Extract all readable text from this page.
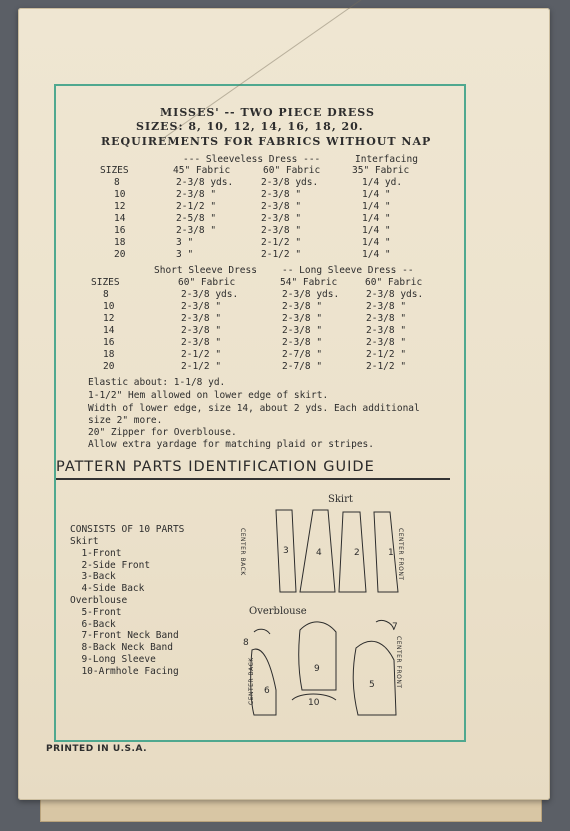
MISSES' -- TWO PIECE DRESS
SIZES: 8, 10, 12, 14, 16, 18, 20.
REQUIREMENTS FOR FABRICS WITHOUT NAP
--- Sleeveless Dress ---	Interfacing
SIZES	45" Fabric	60" Fabric	35" Fabric
8	2-3/8 yds.	2-3/8 yds.	1/4 yd.
10	2-3/8 "	2-3/8 "	1/4 "
12	2-1/2 "	2-3/8 "	1/4 "
14	2-5/8 "	2-3/8 "	1/4 "
16	2-3/8 "	2-3/8 "	1/4 "
18	3 "	2-1/2 "	1/4 "
20	3 "	2-1/2 "	1/4 "
Short Sleeve Dress	-- Long Sleeve Dress --
SIZES	60" Fabric	54" Fabric	60" Fabric
8	2-3/8 yds.	2-3/8 yds.	2-3/8 yds.
10	2-3/8 "	2-3/8 "	2-3/8 "
12	2-3/8 "	2-3/8 "	2-3/8 "
14	2-3/8 "	2-3/8 "	2-3/8 "
16	2-3/8 "	2-3/8 "	2-3/8 "
18	2-1/2 "	2-7/8 "	2-1/2 "
20	2-1/2 "	2-7/8 "	2-1/2 "
Elastic about: 1-1/8 yd.
1-1/2" Hem allowed on lower edge of skirt.
Width of lower edge, size 14, about 2 yds. Each additional
size 2" more.
20" Zipper for Overblouse.
Allow extra yardage for matching plaid or stripes.
PATTERN PARTS IDENTIFICATION GUIDE
CONSISTS OF 10 PARTS
Skirt
1-Front
2-Side Front
3-Back
4-Side Back
Overblouse
5-Front
6-Back
7-Front Neck Band
8-Back Neck Band
9-Long Sleeve
10-Armhole Facing
Skirt
Overblouse
3	4	2	1
8
6
9
10
7
5
CENTER BACK	CENTER FRONT
CENTER BACK	CENTER FRONT
PRINTED IN U.S.A.
